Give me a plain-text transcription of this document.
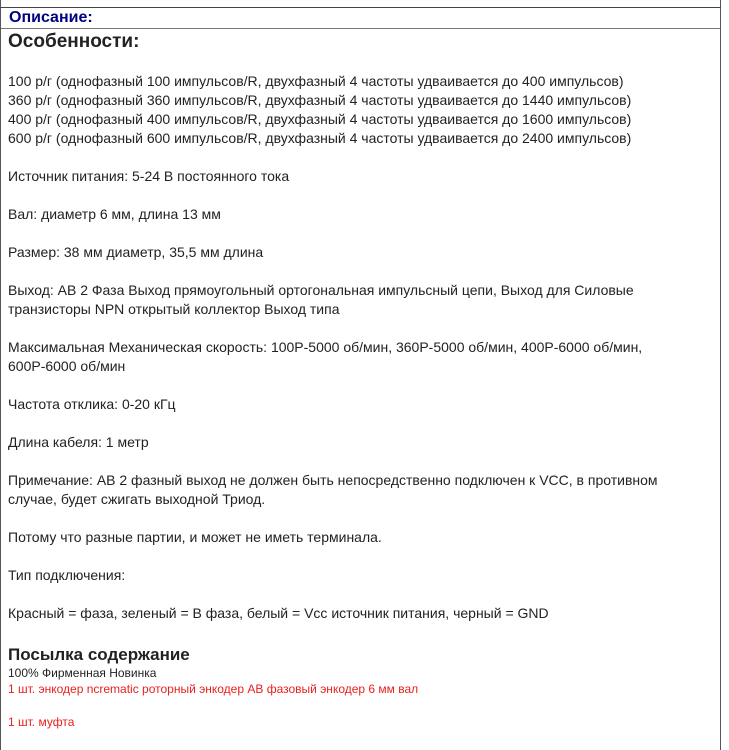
Описание:
Особенности:
100 р/г (однофазный 100 импульсов/R, двухфазный 4 частоты удваивается до 400 импульсов)
360 р/г (однофазный 360 импульсов/R, двухфазный 4 частоты удваивается до 1440 импульсов)
400 р/г (однофазный 400 импульсов/R, двухфазный 4 частоты удваивается до 1600 импульсов)
600 р/г (однофазный 600 импульсов/R, двухфазный 4 частоты удваивается до 2400 импульсов)
Источник питания: 5-24 В постоянного тока
Вал: диаметр 6 мм, длина 13 мм
Размер: 38 мм диаметр, 35,5 мм длина
Выход: AB 2 Фаза Выход прямоугольный ортогональная импульсный цепи, Выход для Силовые
транзисторы NPN открытый коллектор Выход типа
Максимальная Механическая скорость: 100P-5000 об/мин, 360P-5000 об/мин, 400P-6000 об/мин,
600P-6000 об/мин
Частота отклика: 0-20 кГц
Длина кабеля: 1 метр
Примечание: AB 2 фазный выход не должен быть непосредственно подключен к VCC, в противном
случае, будет сжигать выходной Триод.
Потому что разные партии, и может не иметь терминала.
Тип подключения:
Красный = фаза, зеленый = B фаза, белый = Vcc источник питания, черный = GND
Посылка содержание
100% Фирменная Новинка
1 шт. энкодер ncrematic роторный энкодер AB фазовый энкодер 6 мм вал
1 шт. муфта
